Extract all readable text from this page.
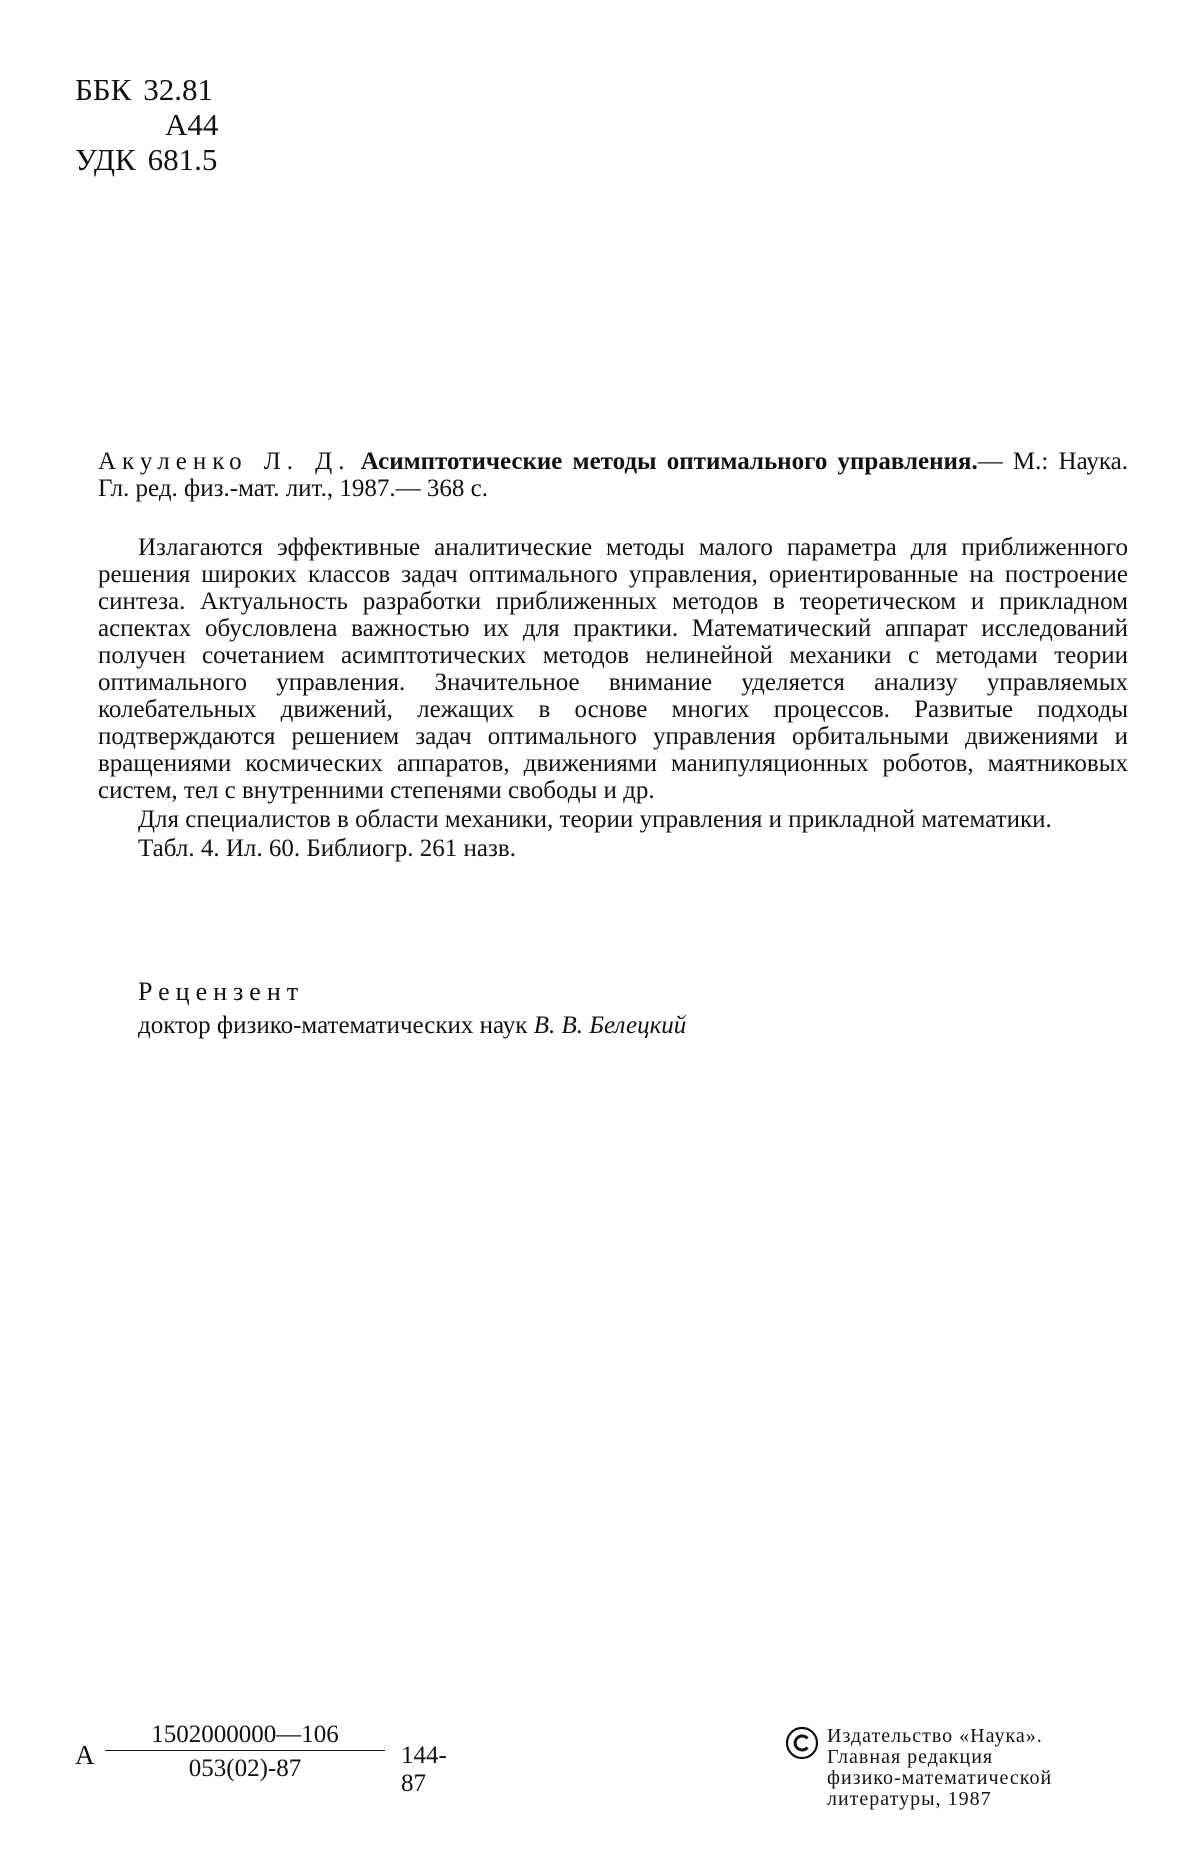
ББК 32.81
А44
УДК 681.5
Акуленко Л. Д. Асимптотические методы оптимального управления.— М.: Наука. Гл. ред. физ.-мат. лит., 1987.— 368 с.

Излагаются эффективные аналитические методы малого параметра для приближенного решения широких классов задач оптимального управления, ориентированные на построение синтеза. Актуальность разработки приближенных методов в теоретическом и прикладном аспектах обусловлена важностью их для практики. Математический аппарат исследований получен сочетанием асимптотических методов нелинейной механики с методами теории оптимального управления. Значительное внимание уделяется анализу управляемых колебательных движений, лежащих в основе многих процессов. Развитые подходы подтверждаются решением задач оптимального управления орбитальными движениями и вращениями космических аппаратов, движениями манипуляционных роботов, маятниковых систем, тел с внутренними степенями свободы и др.

Для специалистов в области механики, теории управления и прикладной математики.

Табл. 4. Ил. 60. Библиогр. 261 назв.

Рецензент
доктор физико-математических наук В. В. Белецкий
А
1502000000—106
053(02)-87	144-87
Издательство «Наука».
Главная редакция
физико-математической
литературы, 1987
